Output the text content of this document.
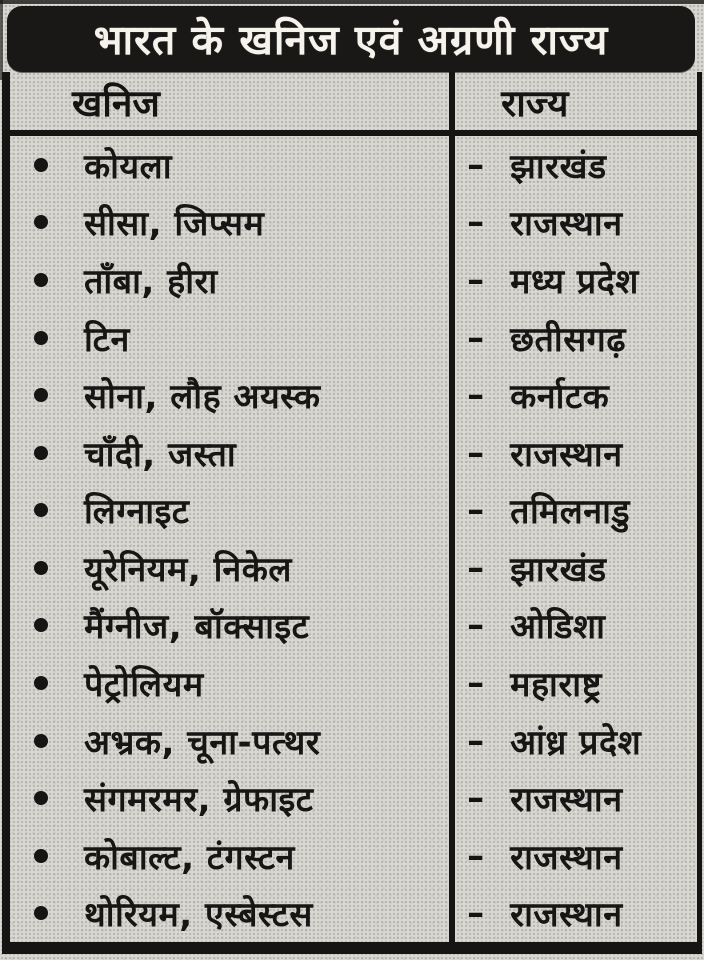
भारत के खनिज एवं अग्रणी राज्य
खनिज	राज्य
कोयला	– झारखंड
सीसा, जिप्सम	– राजस्थान
ताँबा, हीरा	– मध्य प्रदेश
टिन	– छतीसगढ़
सोना, लौह अयस्क	– कर्नाटक
चाँदी, जस्ता	– राजस्थान
लिग्नाइट	– तमिलनाडु
यूरेनियम, निकेल	– झारखंड
मैंग्नीज, बॉक्साइट	– ओडिशा
पेट्रोलियम	– महाराष्ट्र
अभ्रक, चूना-पत्थर	– आंध्र प्रदेश
संगमरमर, ग्रेफाइट	– राजस्थान
कोबाल्ट, टंगस्टन	– राजस्थान
थोरियम, एस्बेस्टस	– राजस्थान
